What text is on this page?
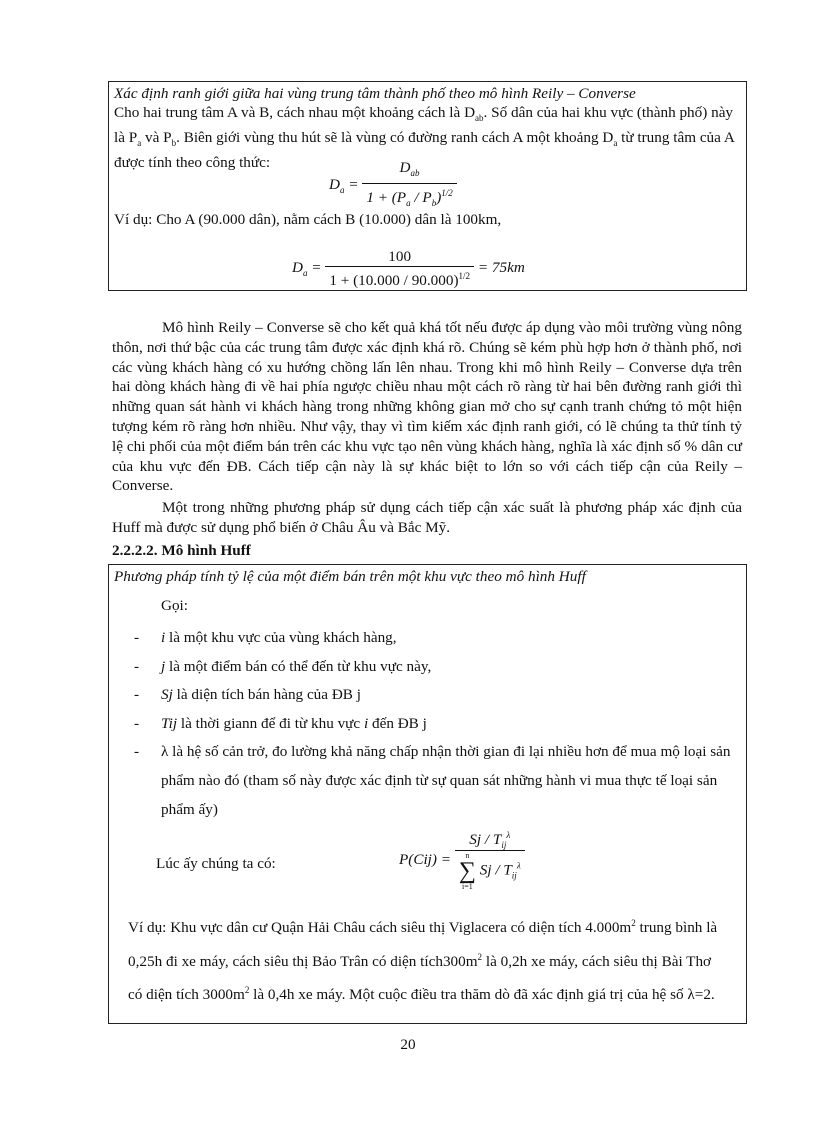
Xác định ranh giới giữa hai vùng trung tâm thành phố theo mô hình Reily – Converse
Cho hai trung tâm A và B, cách nhau một khoảng cách là $D_{ab}$. Số dân của hai khu vực (thành phố) này là $P_a$ và $P_b$. Biên giới vùng thu hút sẽ là vùng có đường ranh cách A một khoảng $D_a$ từ trung tâm của A được tính theo công thức:
$D_a = \frac{D_{ab}}{1 + (P_a / P_b)^{1/2}}$
Ví dụ: Cho A (90.000 dân), nằm cách B (10.000) dân là 100km,
$D_a = \frac{100}{1 + (10.000 / 90.000)^{1/2}} = 75km$
Mô hình Reily – Converse sẽ cho kết quả khá tốt nếu được áp dụng vào môi trường vùng nông thôn, nơi thứ bậc của các trung tâm được xác định khá rõ. Chúng sẽ kém phù hợp hơn ở thành phố, nơi các vùng khách hàng có xu hướng chồng lấn lên nhau. Trong khi mô hình Reily – Converse dựa trên hai dòng khách hàng đi về hai phía ngược chiều nhau một cách rõ ràng từ hai bên đường ranh giới thì những quan sát hành vi khách hàng trong những không gian mở cho sự cạnh tranh chứng tỏ một hiện tượng kém rõ ràng hơn nhiều. Như vậy, thay vì tìm kiếm xác định ranh giới, có lẽ chúng ta thử tính tỷ lệ chi phối của một điểm bán trên các khu vực tạo nên vùng khách hàng, nghĩa là xác định số % dân cư của khu vực đến ĐB. Cách tiếp cận này là sự khác biệt to lớn so với cách tiếp cận của Reily – Converse.
Một trong những phương pháp sử dụng cách tiếp cận xác suất là phương pháp xác định của Huff mà được sử dụng phổ biến ở Châu Âu và Bắc Mỹ.
2.2.2.2. Mô hình Huff
Phương pháp tính tỷ lệ của một điểm bán trên một khu vực theo mô hình Huff
Gọi:
- i là một khu vực của vùng khách hàng,
- j là một điểm bán có thể đến từ khu vực này,
- Sj là diện tích bán hàng của ĐB j
- Tij là thời giann để đi từ khu vực i đến ĐB j
- λ là hệ số cản trở, đo lường khả năng chấp nhận thời gian đi lại nhiều hơn để mua mộ loại sản phẩm nào đó (tham số này được xác định từ sự quan sát những hành vi mua thực tế loại sản phẩm ấy)
Lúc ấy chúng ta có:	$P(Cij) = Sj / T_{ij}^\lambda$
n
∑
i=1
Sj / $T_{ij}^\lambda$
Ví dụ: Khu vực dân cư Quận Hải Châu cách siêu thị Viglacera có diện tích $4.000m^2$ trung bình là 0,25h đi xe máy, cách siêu thị Bảo Trân có diện $tích300m^2$ là 0,2h xe máy, cách siêu thị Bài Thơ có diện tích $3000m^2$ là 0,4h xe máy. Một cuộc điều tra thăm dò đã xác định giá trị của hệ số λ=2.
20
